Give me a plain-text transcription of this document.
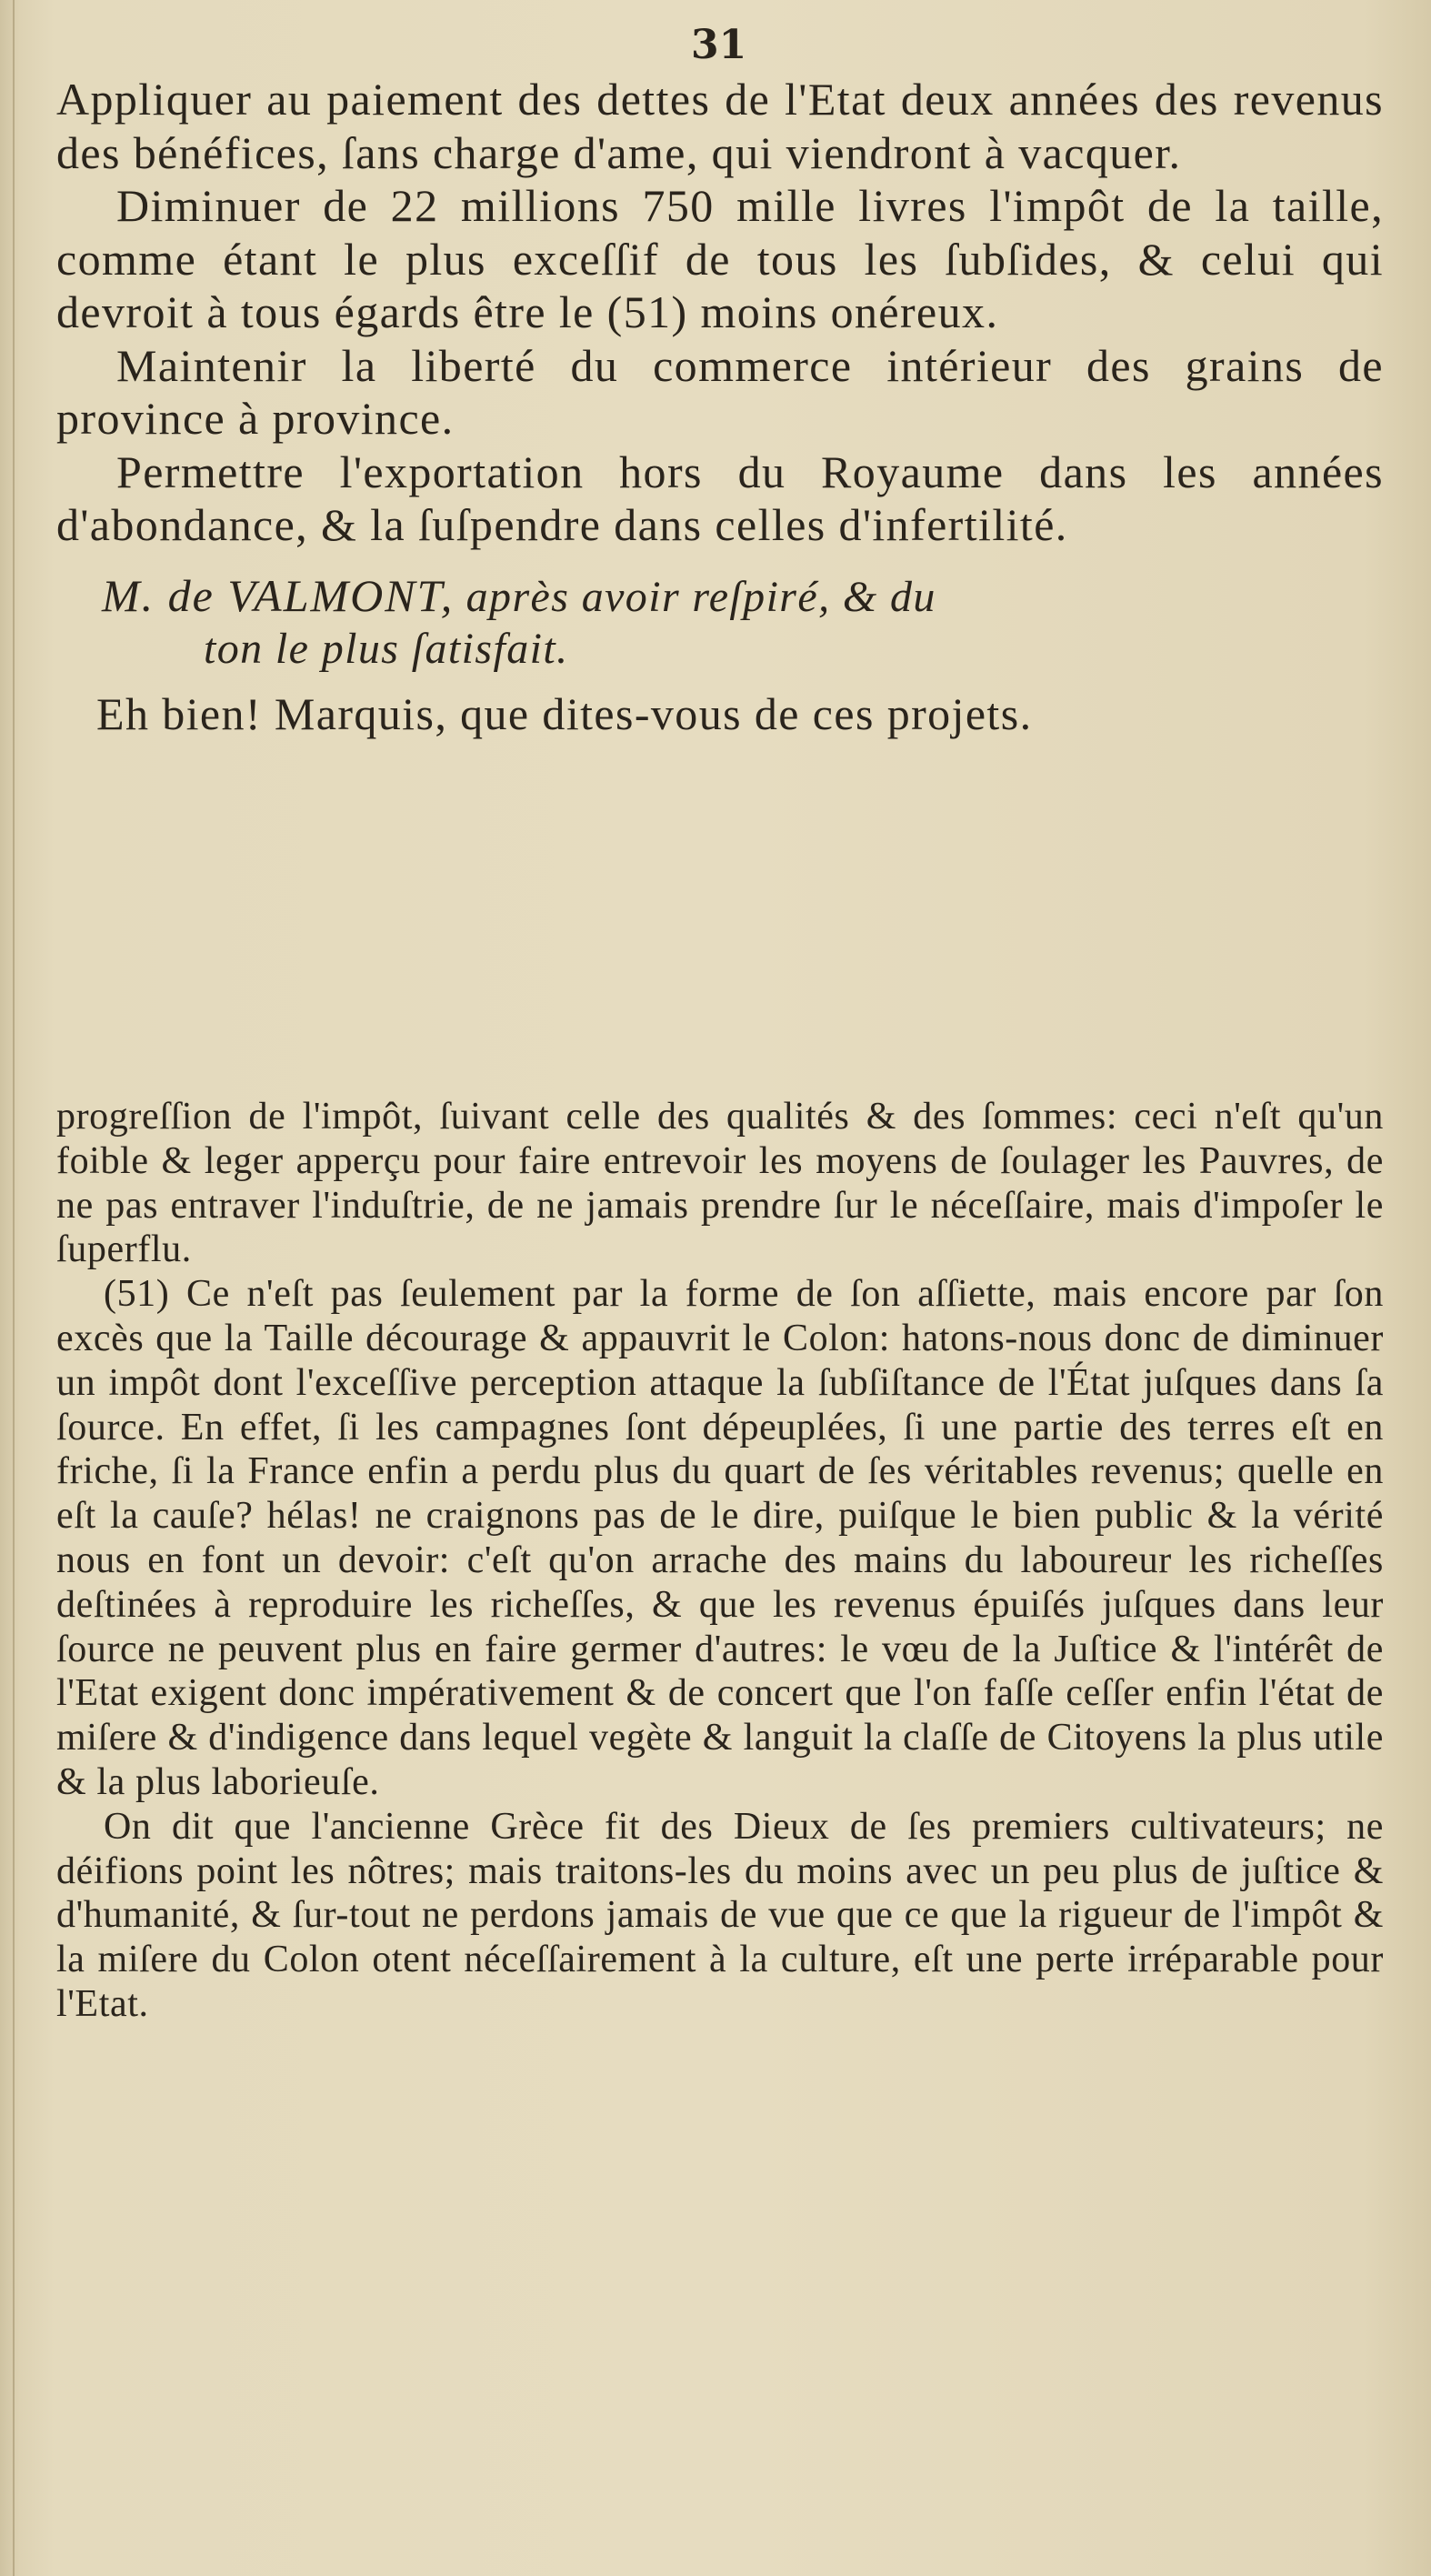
31

Appliquer au paiement des dettes de l'Etat deux années des revenus des bénéfices, ſans charge d'ame, qui viendront à vacquer.

Diminuer de 22 millions 750 mille livres l'impôt de la taille, comme étant le plus exceſſif de tous les ſubſides, & celui qui devroit à tous égards être le (51) moins onéreux.

Maintenir la liberté du commerce intérieur des grains de province à province.

Permettre l'exportation hors du Royaume dans les années d'abondance, & la ſuſpendre dans celles d'infertilité.

M. de VALMONT, après avoir reſpiré, & du
ton le plus ſatisfait.

Eh bien! Marquis, que dites-vous de ces projets.

progreſſion de l'impôt, ſuivant celle des qualités & des ſommes: ceci n'eſt qu'un foible & leger apperçu pour faire entrevoir les moyens de ſoulager les Pauvres, de ne pas entraver l'induſtrie, de ne jamais prendre ſur le néceſſaire, mais d'impoſer le ſuperflu.

(51) Ce n'eſt pas ſeulement par la forme de ſon aſſiette, mais encore par ſon excès que la Taille décourage & appauvrit le Colon: hatons-nous donc de diminuer un impôt dont l'exceſſive perception attaque la ſubſiſtance de l'État juſques dans ſa ſource. En effet, ſi les campagnes ſont dépeuplées, ſi une partie des terres eſt en friche, ſi la France enfin a perdu plus du quart de ſes véritables revenus; quelle en eſt la cauſe? hélas! ne craignons pas de le dire, puiſque le bien public & la vérité nous en font un devoir: c'eſt qu'on arrache des mains du laboureur les richeſſes deſtinées à reproduire les richeſſes, & que les revenus épuiſés juſques dans leur ſource ne peuvent plus en faire germer d'autres: le vœu de la Juſtice & l'intérêt de l'Etat exigent donc impérativement & de concert que l'on faſſe ceſſer enfin l'état de miſere & d'indigence dans lequel vegète & languit la claſſe de Citoyens la plus utile & la plus laborieuſe.

On dit que l'ancienne Grèce fit des Dieux de ſes premiers cultivateurs; ne déifions point les nôtres; mais traitons-les du moins avec un peu plus de juſtice & d'humanité, & ſur-tout ne perdons jamais de vue que ce que la rigueur de l'impôt & la miſere du Colon otent néceſſairement à la culture, eſt une perte irréparable pour l'Etat.
